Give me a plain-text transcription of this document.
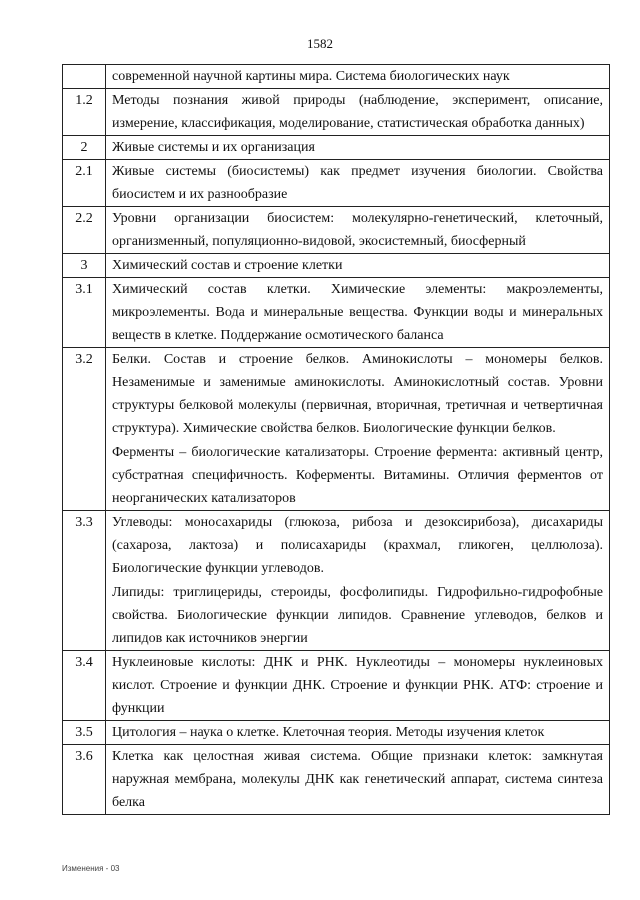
1582

	современной научной картины мира. Система биологических наук

1.2	Методы познания живой природы (наблюдение, эксперимент, описание, измерение, классификация, моделирование, статистическая обработка данных)

2	Живые системы и их организация

2.1	Живые системы (биосистемы) как предмет изучения биологии. Свойства биосистем и их разнообразие

2.2	Уровни организации биосистем: молекулярно-генетический, клеточный, организменный, популяционно-видовой, экосистемный, биосферный

3	Химический состав и строение клетки

3.1	Химический состав клетки. Химические элементы: макроэлементы, микроэлементы. Вода и минеральные вещества. Функции воды и минеральных веществ в клетке. Поддержание осмотического баланса

3.2	Белки. Состав и строение белков. Аминокислоты – мономеры белков. Незаменимые и заменимые аминокислоты. Аминокислотный состав. Уровни структуры белковой молекулы (первичная, вторичная, третичная и четвертичная структура). Химические свойства белков. Биологические функции белков.

Ферменты – биологические катализаторы. Строение фермента: активный центр, субстратная специфичность. Коферменты. Витамины. Отличия ферментов от неорганических катализаторов

3.3	Углеводы: моносахариды (глюкоза, рибоза и дезоксирибоза), дисахариды (сахароза, лактоза) и полисахариды (крахмал, гликоген, целлюлоза). Биологические функции углеводов.

Липиды: триглицериды, стероиды, фосфолипиды. Гидрофильно-гидрофобные свойства. Биологические функции липидов. Сравнение углеводов, белков и липидов как источников энергии

3.4	Нуклеиновые кислоты: ДНК и РНК. Нуклеотиды – мономеры нуклеиновых кислот. Строение и функции ДНК. Строение и функции РНК. АТФ: строение и функции

3.5	Цитология – наука о клетке. Клеточная теория. Методы изучения клеток

3.6	Клетка как целостная живая система. Общие признаки клеток: замкнутая наружная мембрана, молекулы ДНК как генетический аппарат, система синтеза белка

Изменения - 03
